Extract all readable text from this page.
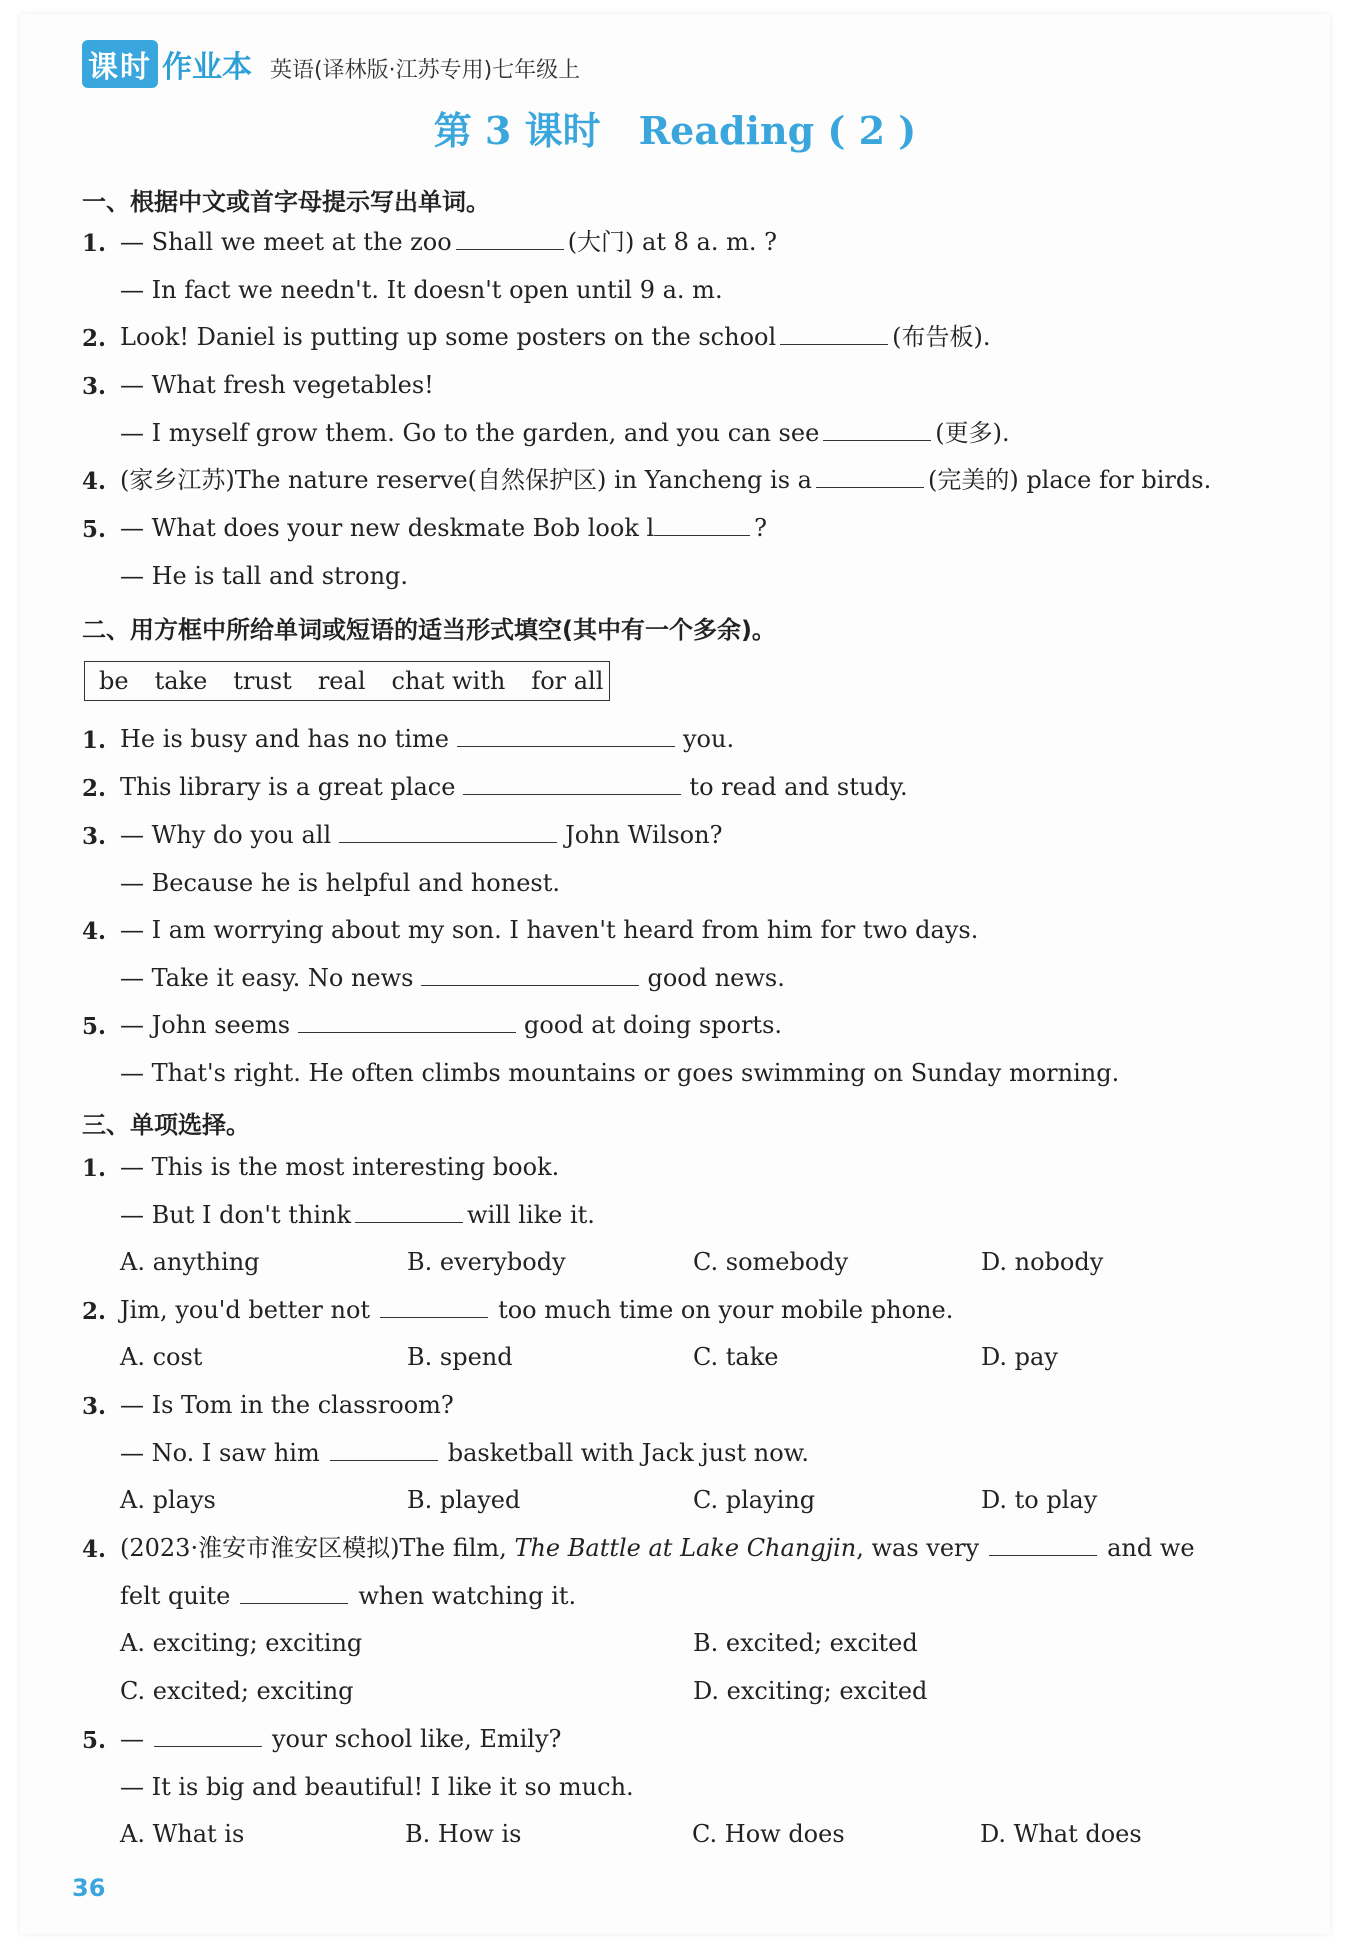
课时 作业本 英语(译林版·江苏专用)七年级上
第 3 课时　Reading ( 2 )
一、根据中文或首字母提示写出单词。
1. — Shall we meet at the zoo	(大门) at 8 a. m. ?
— In fact we needn't. It doesn't open until 9 a. m.
2. Look! Daniel is putting up some posters on the school	(布告板).
3. — What fresh vegetables!
— I myself grow them. Go to the garden, and you can see	(更多).
4. (家乡江苏)The nature reserve(自然保护区) in Yancheng is a	(完美的) place for birds.
5. — What does your new deskmate Bob look l	?
— He is tall and strong.
二、用方框中所给单词或短语的适当形式填空(其中有一个多余)。
be take trust real chat with for all
1. He is busy and has no time	you.
2. This library is a great place	to read and study.
3. — Why do you all	John Wilson?
— Because he is helpful and honest.
4. — I am worrying about my son. I haven't heard from him for two days.
— Take it easy. No news	good news.
5. — John seems	good at doing sports.
— That's right. He often climbs mountains or goes swimming on Sunday morning.
三、单项选择。
1. — This is the most interesting book.
— But I don't think	will like it.
A. anything	B. everybody	C. somebody	D. nobody
2. Jim, you'd better not	too much time on your mobile phone.
A. cost	B. spend	C. take	D. pay
3. — Is Tom in the classroom?
— No. I saw him	basketball with Jack just now.
A. plays	B. played	C. playing	D. to play
4. (2023·淮安市淮安区模拟)The film, The Battle at Lake Changjin, was very	and we
felt quite	when watching it.
A. exciting; exciting	B. excited; excited
C. excited; exciting	D. exciting; excited
5. —	your school like, Emily?
— It is big and beautiful! I like it so much.
A. What is	B. How is	C. How does	D. What does
36
